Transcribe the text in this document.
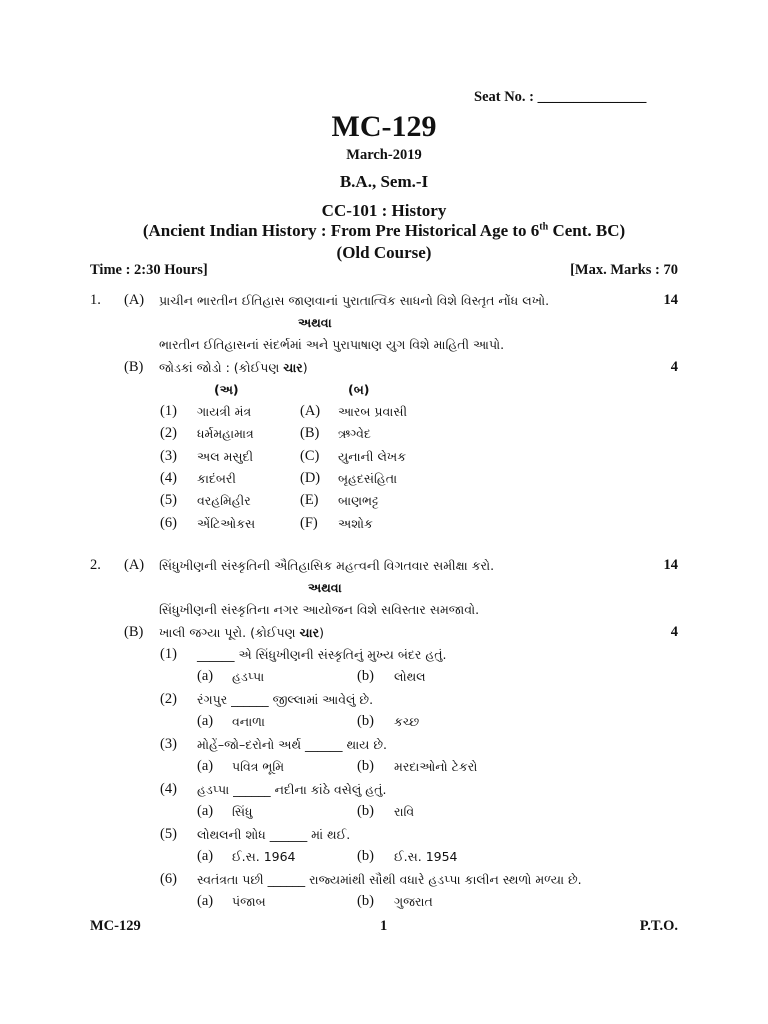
Seat No. : _______________
MC-129
March-2019
B.A., Sem.-I
CC-101 : History
(Ancient Indian History : From Pre Historical Age to 6th Cent. BC)
(Old Course)
Time : 2:30 Hours]	[Max. Marks : 70
1. (A) પ્રાચીન ભારતીન ઈતિહાસ જાણવાનાં પુરાતાત્વિક સાધનો વિશે વિસ્તૃત નોંધ લખો.	14
અથવા
ભારતીન ઈતિહાસનાં સંદર્ભમાં અને પુરાપાષાણ યુગ વિશે માહિતી આપો.
(B) જોડકાં જોડો : (કોઈપણ ચાર)	4
(અ)	(બ)
(1) ગાયત્રી મંત્ર	(A) આરબ પ્રવાસી
(2) ધર્મમહામાત્ર	(B) ઋગ્વેદ
(3) અલ મસુદી	(C) યુનાની લેખક
(4) કાદંબરી	(D) બૃહદસંહિતા
(5) વરહમિહીર	(E) બાણભટ્ટ
(6) એંટિઓકસ	(F) અશોક
2. (A) સિંધુખીણની સંસ્કૃતિની ઐતિહાસિક મહત્વની વિગતવાર સમીક્ષા કરો.	14
અથવા
સિંધુખીણની સંસ્કૃતિના નગર આયોજન વિશે સવિસ્તાર સમજાવો.
(B) ખાલી જગ્યા પૂરો. (કોઈપણ ચાર)	4
(1) ______ એ સિંધુખીણની સંસ્કૃતિનું મુખ્ય બંદર હતું.
(a) હડપ્પા	(b) લોથલ
(2) રંગપુર ______ જીલ્લામાં આવેલું છે.
(a) વનાળા	(b) કચ્છ
(3) મોહેં–જો–દરોનો અર્થ ______ થાય છે.
(a) પવિત્ર ભૂમિ	(b) મરદાઓનો ટેકરો
(4) હડપ્પા ______ નદીના કાંઠે વસેલું હતું.
(a) સિંધુ	(b) રાવિ
(5) લોથલની શોધ ______ માં થઈ.
(a) ઈ.સ. 1964	(b) ઈ.સ. 1954
(6) સ્વતંત્રતા પછી ______ રાજ્યમાંથી સૌથી વધારે હડપ્પા કાલીન સ્થળો મળ્યા છે.
(a) પંજાબ	(b) ગુજરાત
MC-129	1	P.T.O.
